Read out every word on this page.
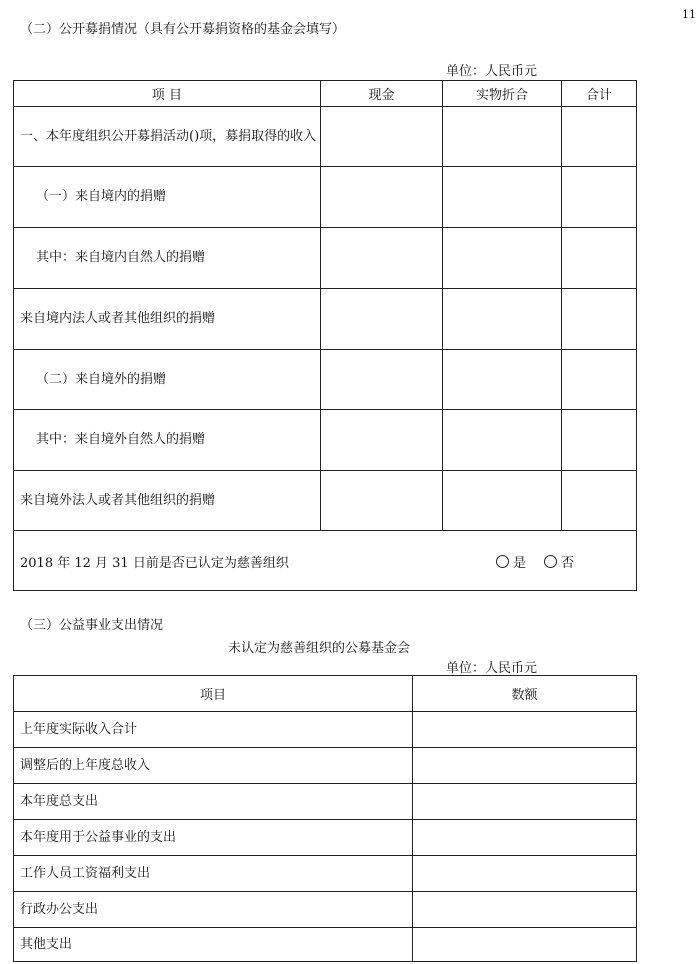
11
（二）公开募捐情况（具有公开募捐资格的基金会填写）
单位：人民币元
项 目	现金	实物折合	合计
一、本年度组织公开募捐活动()项，募捐取得的收入			
（一）来自境内的捐赠			
其中：来自境内自然人的捐赠			
来自境内法人或者其他组织的捐赠			
（二）来自境外的捐赠			
其中：来自境外自然人的捐赠			
来自境外法人或者其他组织的捐赠			

2018 年 12 月 31 日前是否已认定为慈善组织 是 否			
（三）公益事业支出情况
未认定为慈善组织的公募基金会
单位：人民币元
项目	数额
上年度实际收入合计	
调整后的上年度总收入	
本年度总支出	
本年度用于公益事业的支出	
工作人员工资福利支出	
行政办公支出	
其他支出	
